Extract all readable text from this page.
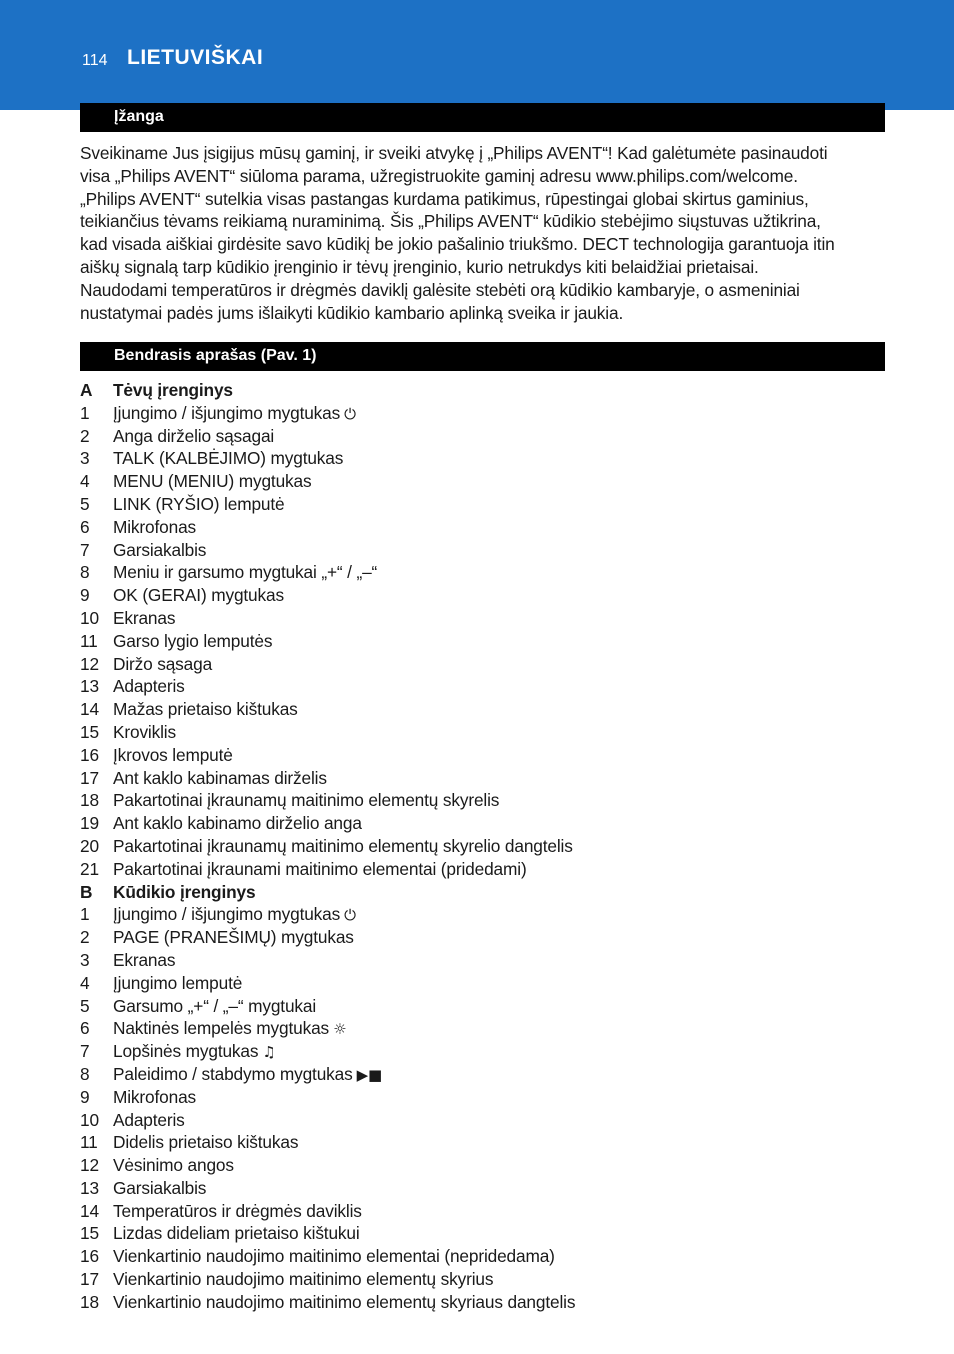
114 LIETUVIŠKAI
Įžanga
Sveikiname Jus įsigijus mūsų gaminį, ir sveiki atvykę į „Philips AVENT“! Kad galėtumėte pasinaudoti
visa „Philips AVENT“ siūloma parama, užregistruokite gaminį adresu www.philips.com/welcome.
„Philips AVENT“ sutelkia visas pastangas kurdama patikimus, rūpestingai globai skirtus gaminius,
teikiančius tėvams reikiamą nuraminimą. Šis „Philips AVENT“ kūdikio stebėjimo siųstuvas užtikrina,
kad visada aiškiai girdėsite savo kūdikį be jokio pašalinio triukšmo. DECT technologija garantuoja itin
aiškų signalą tarp kūdikio įrenginio ir tėvų įrenginio, kurio netrukdys kiti belaidžiai prietaisai.
Naudodami temperatūros ir drėgmės daviklį galėsite stebėti orą kūdikio kambaryje, o asmeniniai
nustatymai padės jums išlaikyti kūdikio kambario aplinką sveika ir jaukia.
Bendrasis aprašas (Pav. 1)
A Tėvų įrenginys
1 Įjungimo / išjungimo mygtukas ⏻
2 Anga dirželio sąsagai
3 TALK (KALBĖJIMO) mygtukas
4 MENU (MENIU) mygtukas
5 LINK (RYŠIO) lemputė
6 Mikrofonas
7 Garsiakalbis
8 Meniu ir garsumo mygtukai „+“ / „–“
9 OK (GERAI) mygtukas
10 Ekranas
11 Garso lygio lemputės
12 Diržo sąsaga
13 Adapteris
14 Mažas prietaiso kištukas
15 Kroviklis
16 Įkrovos lemputė
17 Ant kaklo kabinamas dirželis
18 Pakartotinai įkraunamų maitinimo elementų skyrelis
19 Ant kaklo kabinamo dirželio anga
20 Pakartotinai įkraunamų maitinimo elementų skyrelio dangtelis
21 Pakartotinai įkraunami maitinimo elementai (pridedami)
B Kūdikio įrenginys
1 Įjungimo / išjungimo mygtukas ⏻
2 PAGE (PRANEŠIMŲ) mygtukas
3 Ekranas
4 Įjungimo lemputė
5 Garsumo „+“ / „–“ mygtukai
6 Naktinės lempelės mygtukas ☼
7 Lopšinės mygtukas ♫
8 Paleidimo / stabdymo mygtukas ▶■
9 Mikrofonas
10 Adapteris
11 Didelis prietaiso kištukas
12 Vėsinimo angos
13 Garsiakalbis
14 Temperatūros ir drėgmės daviklis
15 Lizdas dideliam prietaiso kištukui
16 Vienkartinio naudojimo maitinimo elementai (nepridedama)
17 Vienkartinio naudojimo maitinimo elementų skyrius
18 Vienkartinio naudojimo maitinimo elementų skyriaus dangtelis
